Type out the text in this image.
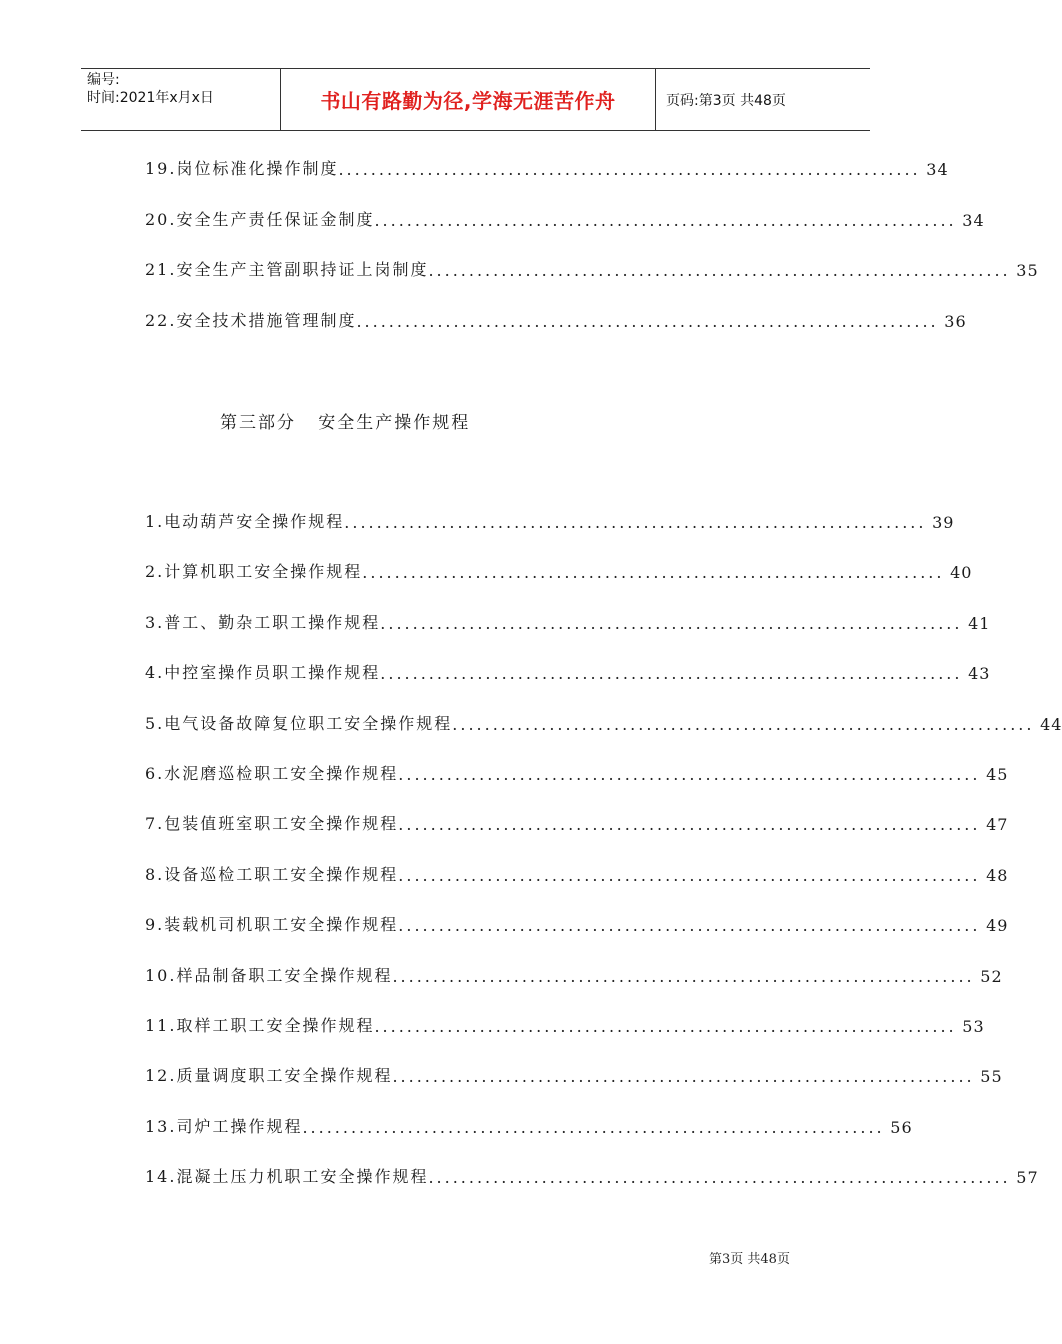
编号:
时间:2021年x月x日	书山有路勤为径,学海无涯苦作舟	页码:第3页 共48页
19.岗位标准化操作制度 ........................................................................ 34
20.安全生产责任保证金制度 ........................................................................ 34
21.安全生产主管副职持证上岗制度 ........................................................................ 35
22.安全技术措施管理制度 ........................................................................ 36
第三部分   安全生产操作规程
1.电动葫芦安全操作规程 ........................................................................ 39
2.计算机职工安全操作规程 ........................................................................ 40
3.普工、勤杂工职工操作规程 ........................................................................ 41
4.中控室操作员职工操作规程 ........................................................................ 43
5.电气设备故障复位职工安全操作规程 ........................................................................ 44
6.水泥磨巡检职工安全操作规程 ........................................................................ 45
7.包装值班室职工安全操作规程 ........................................................................ 47
8.设备巡检工职工安全操作规程 ........................................................................ 48
9.装载机司机职工安全操作规程 ........................................................................ 49
10.样品制备职工安全操作规程 ........................................................................ 52
11.取样工职工安全操作规程 ........................................................................ 53
12.质量调度职工安全操作规程 ........................................................................ 55
13.司炉工操作规程 ........................................................................ 56
14.混凝土压力机职工安全操作规程 ........................................................................ 57
第3页 共48页
